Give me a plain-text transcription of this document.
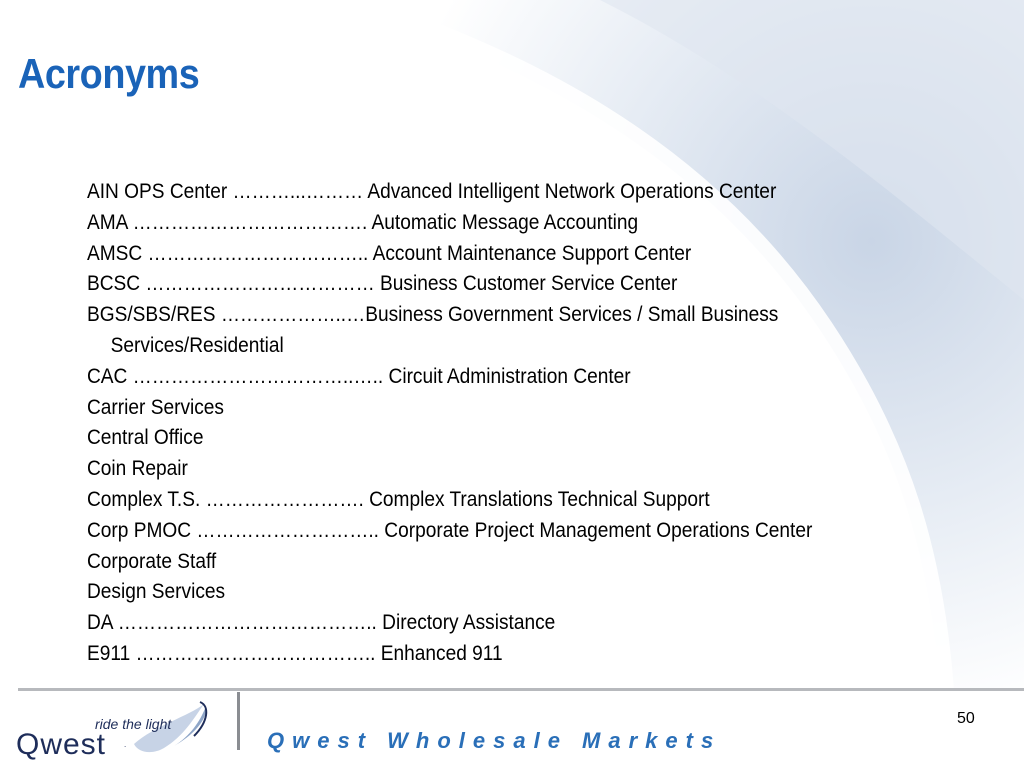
Acronyms
AIN OPS Center ………...……… Advanced Intelligent Network Operations Center
AMA ………………………………. Automatic Message Accounting
AMSC …………………………….. Account Maintenance Support Center
BCSC ……………………………… Business Customer Service Center
BGS/SBS/RES ………………..…Business Government Services / Small Business
Services/Residential
CAC ……………………………..….. Circuit Administration Center
Carrier Services
Central Office
Coin Repair
Complex T.S. ……………………. Complex Translations Technical Support
Corp PMOC ……………………….. Corporate Project Management Operations Center
Corporate Staff
Design Services
DA ………………………………….. Directory Assistance
E911 ……………………………….. Enhanced 911
ride the light
Qwest .	Qwest Wholesale Markets
50
